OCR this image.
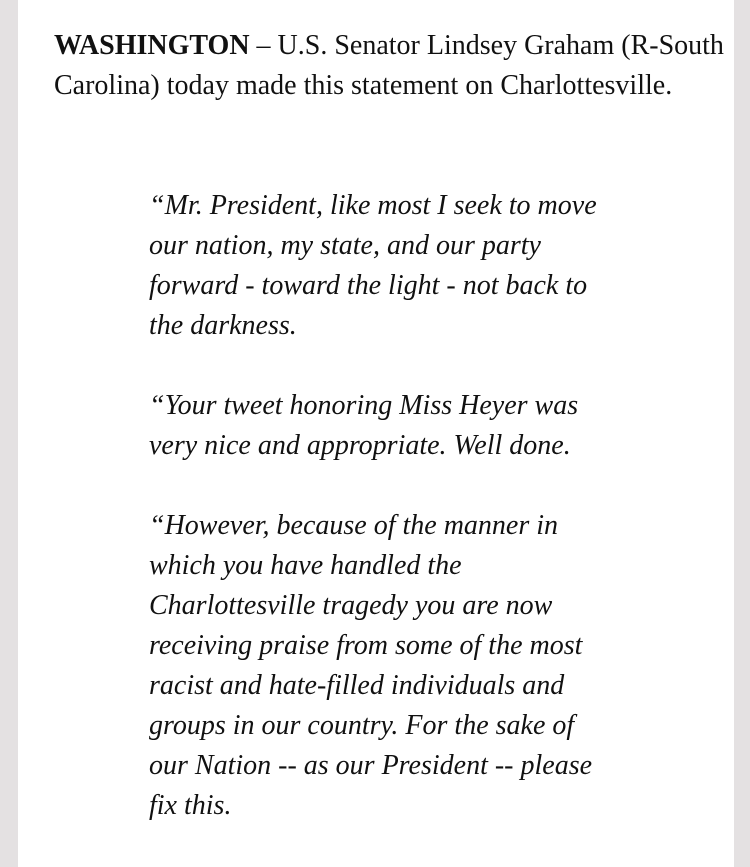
WASHINGTON – U.S. Senator Lindsey Graham (R-South Carolina) today made this statement on Charlottesville.

“Mr. President, like most I seek to move
our nation, my state, and our party
forward - toward the light - not back to
the darkness.

“Your tweet honoring Miss Heyer was
very nice and appropriate. Well done.

“However, because of the manner in
which you have handled the
Charlottesville tragedy you are now
receiving praise from some of the most
racist and hate-filled individuals and
groups in our country. For the sake of
our Nation -- as our President -- please
fix this.
